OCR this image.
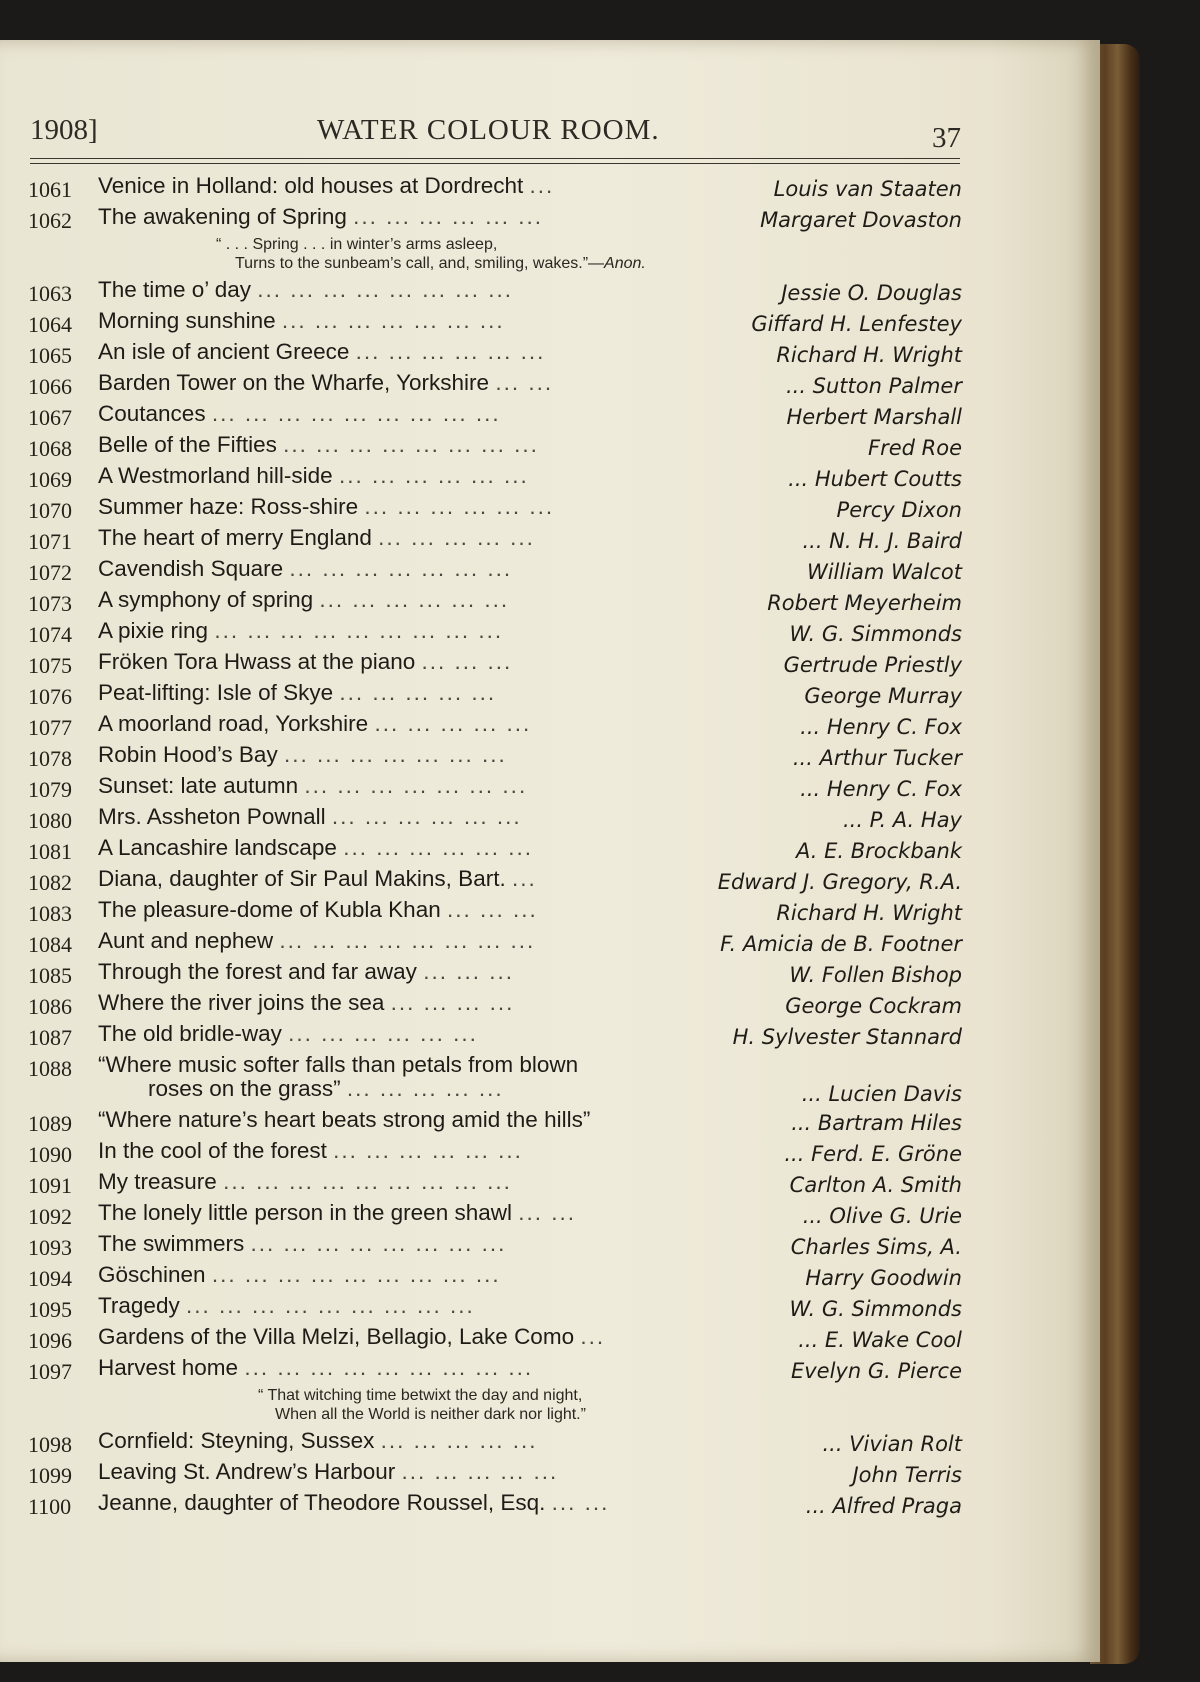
1908]	WATER COLOUR ROOM.	37
1061 Venice in Holland: old houses at Dordrecht ...	Louis van Staaten
1062 The awakening of Spring ... ... ... ... ... ...	Margaret Dovaston
“ . . . Spring . . . in winter’s arms asleep,
Turns to the sunbeam’s call, and, smiling, wakes.”—Anon.
1063 The time o’ day ... ... ... ... ... ... ... ...	Jessie O. Douglas
1064 Morning sunshine ... ... ... ... ... ... ...	Giffard H. Lenfestey
1065 An isle of ancient Greece ... ... ... ... ... ...	Richard H. Wright
1066 Barden Tower on the Wharfe, Yorkshire ... ...	... Sutton Palmer
1067 Coutances ... ... ... ... ... ... ... ... ...	Herbert Marshall
1068 Belle of the Fifties ... ... ... ... ... ... ... ...	Fred Roe
1069 A Westmorland hill-side ... ... ... ... ... ...	... Hubert Coutts
1070 Summer haze: Ross-shire ... ... ... ... ... ...	Percy Dixon
1071 The heart of merry England ... ... ... ... ...	... N. H. J. Baird
1072 Cavendish Square ... ... ... ... ... ... ...	William Walcot
1073 A symphony of spring ... ... ... ... ... ...	Robert Meyerheim
1074 A pixie ring ... ... ... ... ... ... ... ... ...	W. G. Simmonds
1075 Fröken Tora Hwass at the piano ... ... ...	Gertrude Priestly
1076 Peat-lifting: Isle of Skye ... ... ... ... ...	George Murray
1077 A moorland road, Yorkshire ... ... ... ... ...	... Henry C. Fox
1078 Robin Hood’s Bay ... ... ... ... ... ... ...	... Arthur Tucker
1079 Sunset: late autumn ... ... ... ... ... ... ...	... Henry C. Fox
1080 Mrs. Assheton Pownall ... ... ... ... ... ...	... P. A. Hay
1081 A Lancashire landscape ... ... ... ... ... ...	A. E. Brockbank
1082 Diana, daughter of Sir Paul Makins, Bart. ...	Edward J. Gregory, R.A.
1083 The pleasure-dome of Kubla Khan ... ... ...	Richard H. Wright
1084 Aunt and nephew ... ... ... ... ... ... ... ...	F. Amicia de B. Footner
1085 Through the forest and far away ... ... ...	W. Follen Bishop
1086 Where the river joins the sea ... ... ... ...	George Cockram
1087 The old bridle-way ... ... ... ... ... ...	H. Sylvester Stannard
1088 “Where music softer falls than petals from blown
roses on the grass” ... ... ... ... ...	... Lucien Davis
1089 “Where nature’s heart beats strong amid the hills”	... Bartram Hiles
1090 In the cool of the forest ... ... ... ... ... ...	... Ferd. E. Gröne
1091 My treasure ... ... ... ... ... ... ... ... ...	Carlton A. Smith
1092 The lonely little person in the green shawl ... ...	... Olive G. Urie
1093 The swimmers ... ... ... ... ... ... ... ...	Charles Sims, A.
1094 Göschinen ... ... ... ... ... ... ... ... ...	Harry Goodwin
1095 Tragedy ... ... ... ... ... ... ... ... ...	W. G. Simmonds
1096 Gardens of the Villa Melzi, Bellagio, Lake Como ...	... E. Wake Cool
1097 Harvest home ... ... ... ... ... ... ... ... ...	Evelyn G. Pierce
“ That witching time betwixt the day and night,
When all the World is neither dark nor light.”
1098 Cornfield: Steyning, Sussex ... ... ... ... ...	... Vivian Rolt
1099 Leaving St. Andrew’s Harbour ... ... ... ... ...	John Terris
1100 Jeanne, daughter of Theodore Roussel, Esq. ... ...	... Alfred Praga
